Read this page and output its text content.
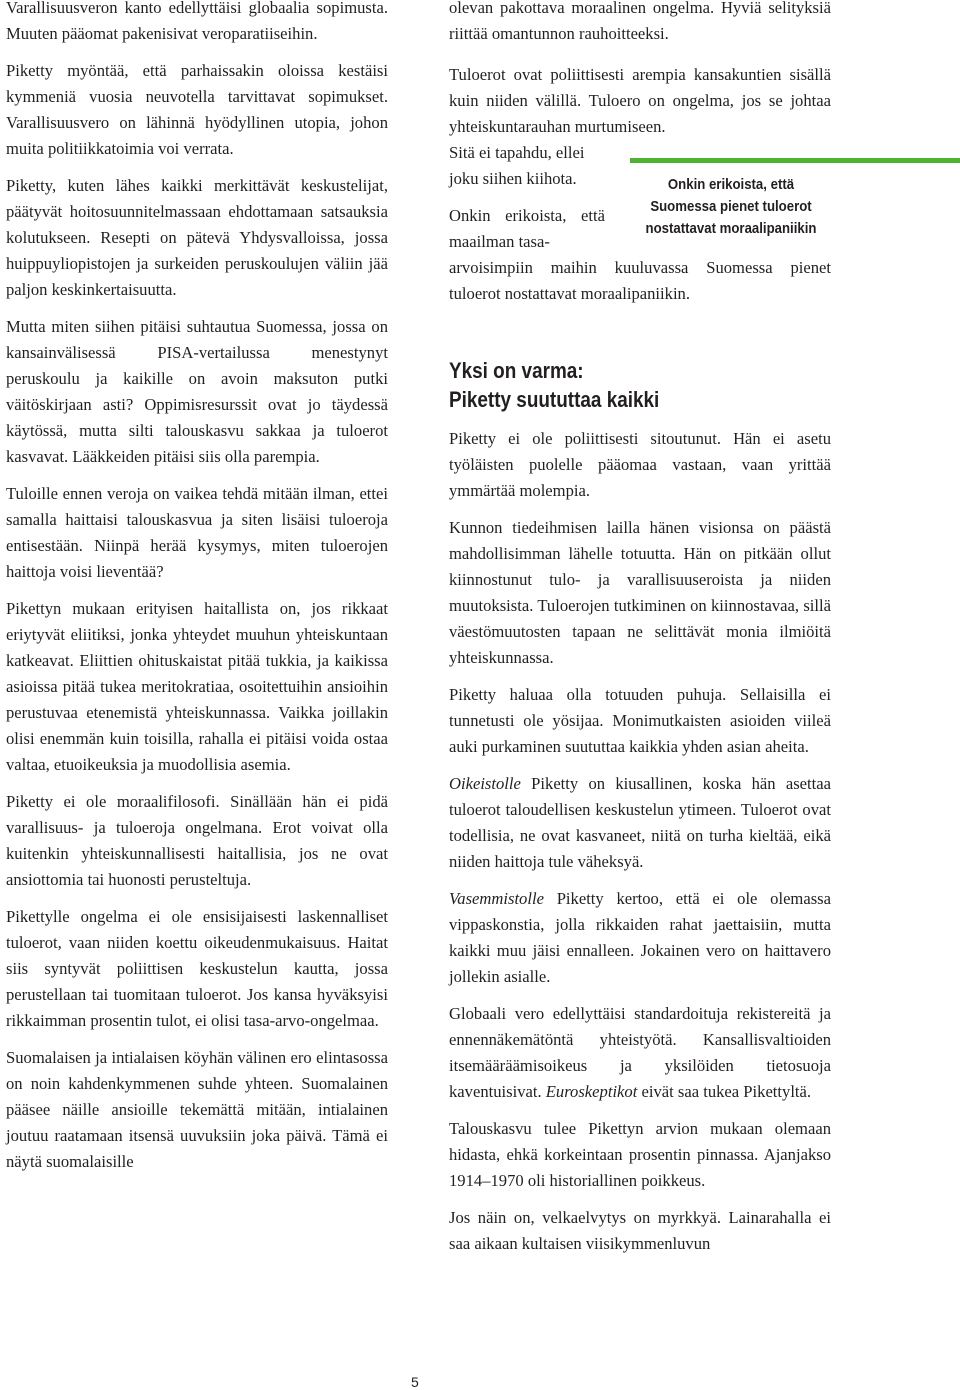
Varallisuusveron kanto edellyttäisi globaalia sopimusta. Muuten pääomat pakenisivat veroparatiiseihin.

Piketty myöntää, että parhaissakin oloissa kestäisi kymmeniä vuosia neuvotella tarvittavat sopimukset. Varallisuusvero on lähinnä hyödyllinen utopia, johon muita politiikkatoimia voi verrata.

Piketty, kuten lähes kaikki merkittävät keskustelijat, päätyvät hoitosuunnitelmassaan ehdottamaan satsauksia kolutukseen. Resepti on pätevä Yhdysvalloissa, jossa huippuyliopistojen ja surkeiden peruskoulujen väliin jää paljon keskinkertaisuutta.

Mutta miten siihen pitäisi suhtautua Suomessa, jossa on kansainvälisessä PISA-vertailussa menestynyt peruskoulu ja kaikille on avoin maksuton putki väitöskirjaan asti? Oppimisresurssit ovat jo täydessä käytössä, mutta silti talouskasvu sakkaa ja tuloerot kasvavat. Lääkkeiden pitäisi siis olla parempia.

Tuloille ennen veroja on vaikea tehdä mitään ilman, ettei samalla haittaisi talouskasvua ja siten lisäisi tuloeroja entisestään. Niinpä herää kysymys, miten tuloerojen haittoja voisi lieventää?

Pikettyn mukaan erityisen haitallista on, jos rikkaat eriytyvät eliitiksi, jonka yhteydet muuhun yhteiskuntaan katkeavat. Eliittien ohituskaistat pitää tukkia, ja kaikissa asioissa pitää tukea meritokratiaa, osoitettuihin ansioihin perustuvaa etenemistä yhteiskunnassa. Vaikka joillakin olisi enemmän kuin toisilla, rahalla ei pitäisi voida ostaa valtaa, etuoikeuksia ja muodollisia asemia.

Piketty ei ole moraalifilosofi. Sinällään hän ei pidä varallisuus- ja tuloeroja ongelmana. Erot voivat olla kuitenkin yhteiskunnallisesti haitallisia, jos ne ovat ansiottomia tai huonosti perusteltuja.

Pikettylle ongelma ei ole ensisijaisesti laskennalliset tuloerot, vaan niiden koettu oikeudenmukaisuus. Haitat siis syntyvät poliittisen keskustelun kautta, jossa perustellaan tai tuomitaan tuloerot. Jos kansa hyväksyisi rikkaimman prosentin tulot, ei olisi tasa-arvo-ongelmaa.

Suomalaisen ja intialaisen köyhän välinen ero elintasossa on noin kahdenkymmenen suhde yhteen. Suomalainen pääsee näille ansioille tekemättä mitään, intialainen joutuu raatamaan itsensä uuvuksiin joka päivä. Tämä ei näytä suomalaisille

olevan pakottava moraalinen ongelma. Hyviä selityksiä riittää omantunnon rauhoitteeksi.

Tuloerot ovat poliittisesti arempia kansakuntien sisällä kuin niiden välillä. Tuloero on ongelma, jos se johtaa yhteiskuntarauhan murtumiseen.

Sitä ei tapahdu, ellei joku siihen kiihota.

Onkin erikoista, että maailman tasa-

arvoisimpiin maihin kuuluvassa Suomessa pienet tuloerot nostattavat moraalipaniikin.

Onkin erikoista, että
Suomessa pienet tuloerot
nostattavat moraalipaniikin
Yksi on varma:
Piketty suututtaa kaikki

Piketty ei ole poliittisesti sitoutunut. Hän ei asetu työläisten puolelle pääomaa vastaan, vaan yrittää ymmärtää molempia.

Kunnon tiedeihmisen lailla hänen visionsa on päästä mahdollisimman lähelle totuutta. Hän on pitkään ollut kiinnostunut tulo- ja varallisuuseroista ja niiden muutoksista. Tuloerojen tutkiminen on kiinnostavaa, sillä väestömuutosten tapaan ne selittävät monia ilmiöitä yhteiskunnassa.

Piketty haluaa olla totuuden puhuja. Sellaisilla ei tunnetusti ole yösijaa. Monimutkaisten asioiden viileä auki purkaminen suututtaa kaikkia yhden asian aheita.

Oikeistolle Piketty on kiusallinen, koska hän asettaa tuloerot taloudellisen keskustelun ytimeen. Tuloerot ovat todellisia, ne ovat kasvaneet, niitä on turha kieltää, eikä niiden haittoja tule väheksyä.

Vasemmistolle Piketty kertoo, että ei ole olemassa vippaskonstia, jolla rikkaiden rahat jaettaisiin, mutta kaikki muu jäisi ennalleen. Jokainen vero on haittavero jollekin asialle.

Globaali vero edellyttäisi standardoituja rekistereitä ja ennennäkemätöntä yhteistyötä. Kansallisvaltioiden itsemääräämisoikeus ja yksilöiden tietosuoja kaventuisivat. Euroskeptikot eivät saa tukea Pikettyltä.

Talouskasvu tulee Pikettyn arvion mukaan olemaan hidasta, ehkä korkeintaan prosentin pinnassa. Ajanjakso 1914–1970 oli historiallinen poikkeus.

Jos näin on, velkaelvytys on myrkkyä. Lainarahalla ei saa aikaan kultaisen viisikymmenluvun

5
